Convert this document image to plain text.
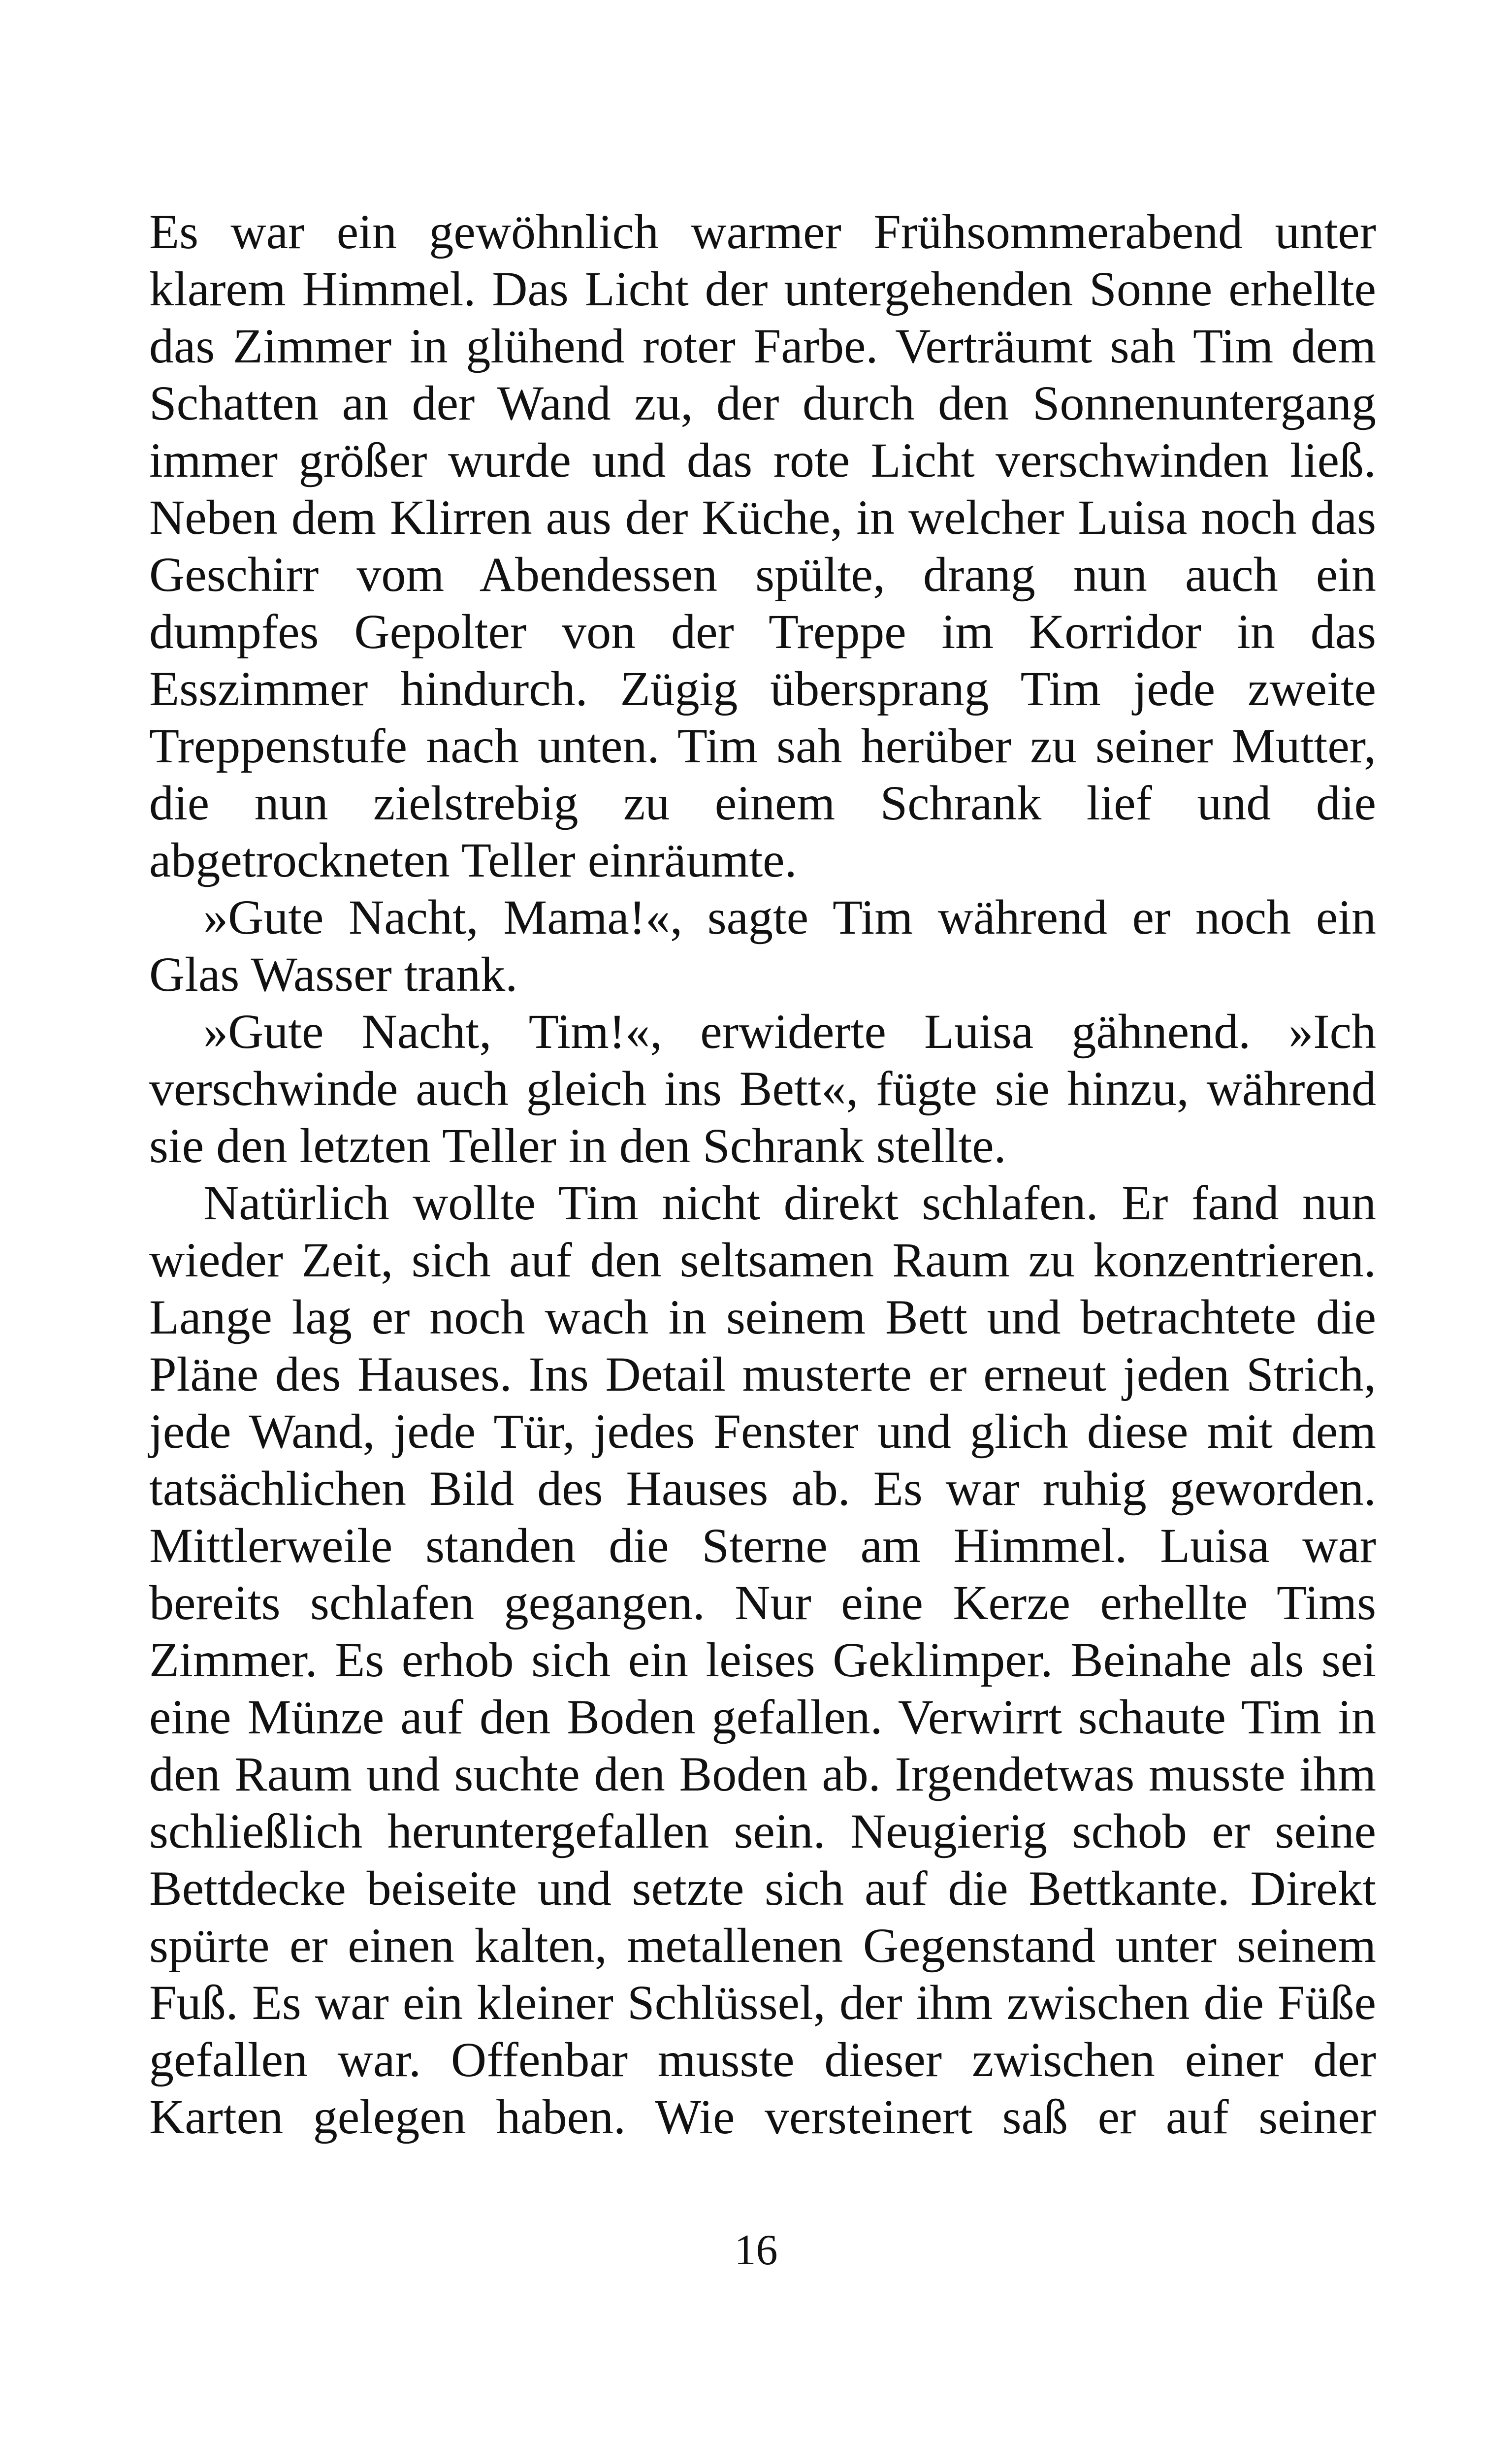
Es war ein gewöhnlich warmer Frühsommerabend unter
klarem Himmel. Das Licht der untergehenden Sonne erhellte
das Zimmer in glühend roter Farbe. Verträumt sah Tim dem
Schatten an der Wand zu, der durch den Sonnenuntergang
immer größer wurde und das rote Licht verschwinden ließ.
Neben dem Klirren aus der Küche, in welcher Luisa noch das
Geschirr vom Abendessen spülte, drang nun auch ein
dumpfes Gepolter von der Treppe im Korridor in das
Esszimmer hindurch. Zügig übersprang Tim jede zweite
Treppenstufe nach unten. Tim sah herüber zu seiner Mutter,
die nun zielstrebig zu einem Schrank lief und die
abgetrockneten Teller einräumte.
»Gute Nacht, Mama!«, sagte Tim während er noch ein
Glas Wasser trank.
»Gute Nacht, Tim!«, erwiderte Luisa gähnend. »Ich
verschwinde auch gleich ins Bett«, fügte sie hinzu, während
sie den letzten Teller in den Schrank stellte.
Natürlich wollte Tim nicht direkt schlafen. Er fand nun
wieder Zeit, sich auf den seltsamen Raum zu konzentrieren.
Lange lag er noch wach in seinem Bett und betrachtete die
Pläne des Hauses. Ins Detail musterte er erneut jeden Strich,
jede Wand, jede Tür, jedes Fenster und glich diese mit dem
tatsächlichen Bild des Hauses ab. Es war ruhig geworden.
Mittlerweile standen die Sterne am Himmel. Luisa war
bereits schlafen gegangen. Nur eine Kerze erhellte Tims
Zimmer. Es erhob sich ein leises Geklimper. Beinahe als sei
eine Münze auf den Boden gefallen. Verwirrt schaute Tim in
den Raum und suchte den Boden ab. Irgendetwas musste ihm
schließlich heruntergefallen sein. Neugierig schob er seine
Bettdecke beiseite und setzte sich auf die Bettkante. Direkt
spürte er einen kalten, metallenen Gegenstand unter seinem
Fuß. Es war ein kleiner Schlüssel, der ihm zwischen die Füße
gefallen war. Offenbar musste dieser zwischen einer der
Karten gelegen haben. Wie versteinert saß er auf seiner
16
